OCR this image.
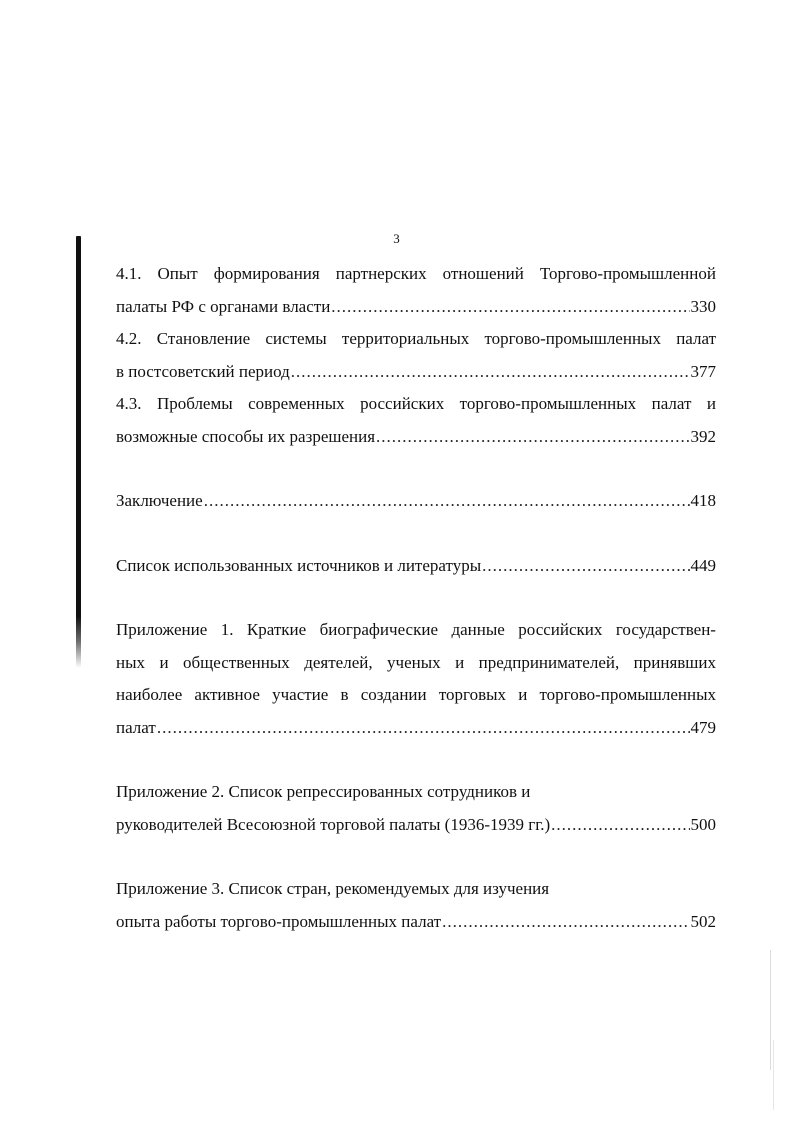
3
4.1. Опыт формирования партнерских отношений Торгово-промышленной
палаты РФ с органами власти .....	330
4.2. Становление системы территориальных торгово-промышленных палат
в постсоветский период .....	377
4.3. Проблемы современных российских торгово-промышленных палат и
возможные способы их разрешения .....	392
Заключение .....	418
Список использованных источников и литературы .....	449
Приложение 1. Краткие биографические данные российских государствен-
ных и общественных деятелей, ученых и предпринимателей, принявших
наиболее активное участие в создании торговых и торгово-промышленных
палат .....	479
Приложение 2. Список репрессированных сотрудников и
руководителей Всесоюзной торговой палаты (1936-1939 гг.) .....	500
Приложение 3. Список стран, рекомендуемых для изучения
опыта работы торгово-промышленных палат .....	502
